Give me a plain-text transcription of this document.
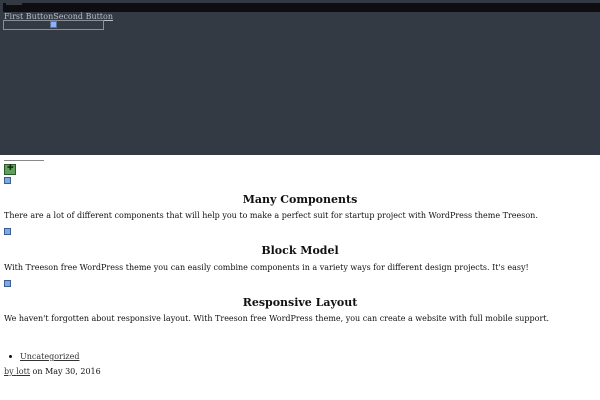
First ButtonSecond Button
✚
Many Components
There are a lot of different components that will help you to make a perfect suit for startup project with WordPress theme Treeson.
Block Model
With Treeson free WordPress theme you can easily combine components in a variety ways for different design projects. It's easy!
Responsive Layout
We haven't forgotten about responsive layout. With Treeson free WordPress theme, you can create a website with full mobile support.
Uncategorized
by lott on May 30, 2016
